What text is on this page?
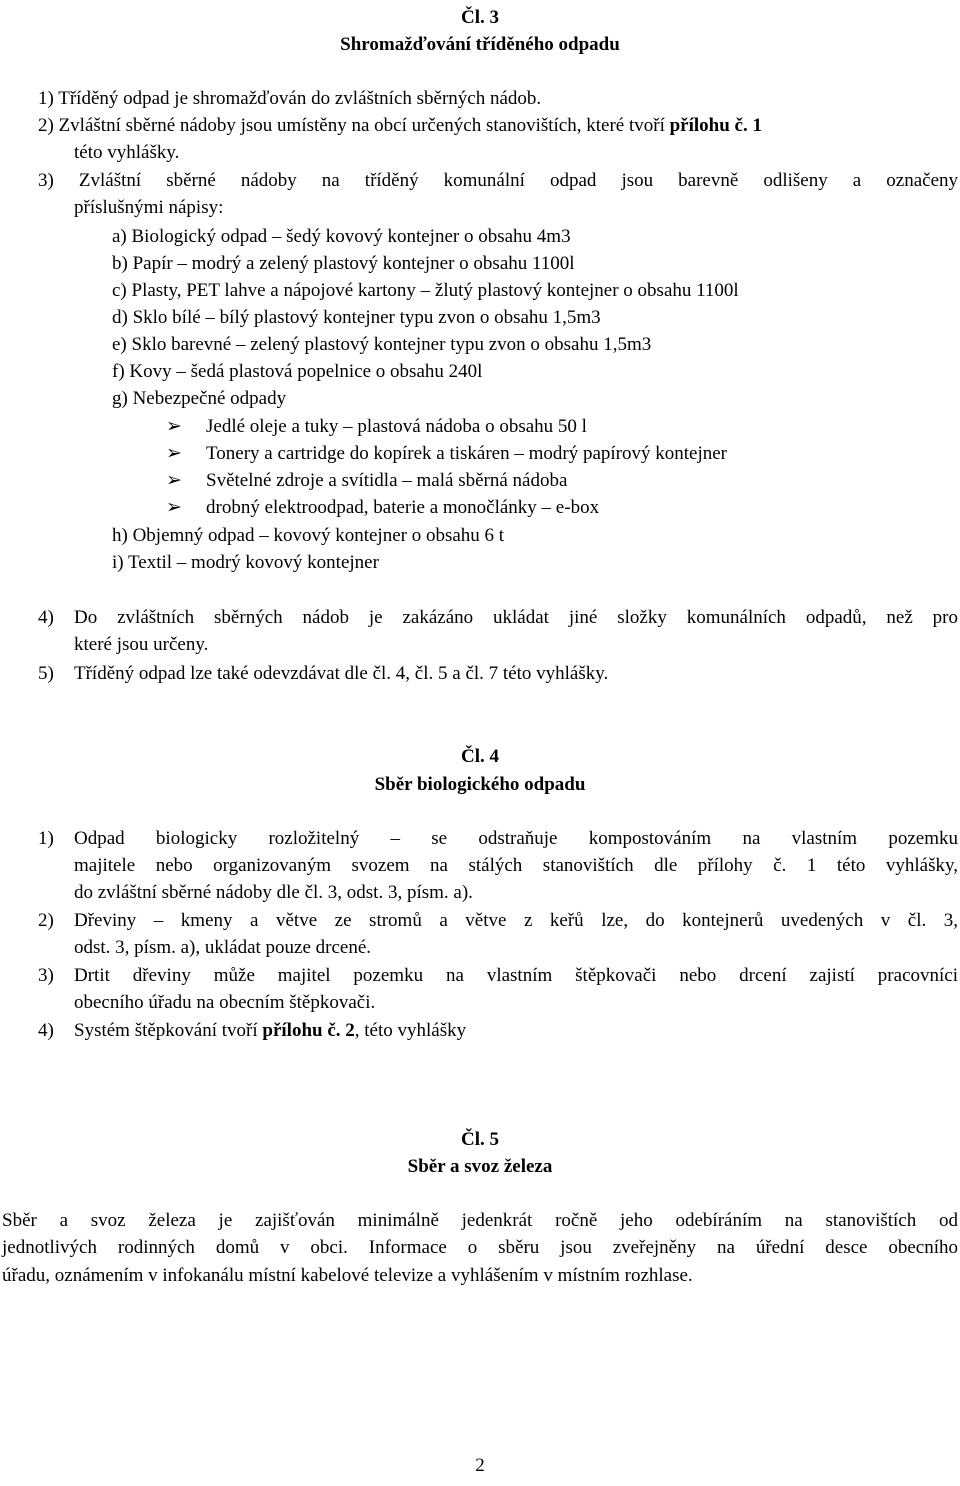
Čl. 3
Shromažďování tříděného odpadu
1) Tříděný odpad je shromažďován do zvláštních sběrných nádob.
2) Zvláštní sběrné nádoby jsou umístěny na obcí určených stanovištích, které tvoří přílohu č. 1
této vyhlášky.
3) Zvláštní sběrné nádoby na tříděný komunální odpad jsou barevně odlišeny a označeny
příslušnými nápisy:
a) Biologický odpad – šedý kovový kontejner o obsahu 4m3
b) Papír – modrý a zelený plastový kontejner o obsahu 1100l
c) Plasty, PET lahve a nápojové kartony – žlutý plastový kontejner o obsahu 1100l
d) Sklo bílé – bílý plastový kontejner typu zvon o obsahu 1,5m3
e) Sklo barevné – zelený plastový kontejner typu zvon o obsahu 1,5m3
f) Kovy – šedá plastová popelnice o obsahu 240l
g) Nebezpečné odpady
➢ Jedlé oleje a tuky – plastová nádoba o obsahu 50 l
➢ Tonery a cartridge do kopírek a tiskáren – modrý papírový kontejner
➢ Světelné zdroje a svítidla – malá sběrná nádoba
➢ drobný elektroodpad, baterie a monočlánky – e-box
h) Objemný odpad – kovový kontejner o obsahu 6 t
i) Textil – modrý kovový kontejner
4) Do zvláštních sběrných nádob je zakázáno ukládat jiné složky komunálních odpadů, než pro
které jsou určeny.
5) Tříděný odpad lze také odevzdávat dle čl. 4, čl. 5 a čl. 7 této vyhlášky.
Čl. 4
Sběr biologického odpadu
1) Odpad biologicky rozložitelný – se odstraňuje kompostováním na vlastním pozemku
majitele nebo organizovaným svozem na stálých stanovištích dle přílohy č. 1 této vyhlášky,
do zvláštní sběrné nádoby dle čl. 3, odst. 3, písm. a).
2) Dřeviny – kmeny a větve ze stromů a větve z keřů lze, do kontejnerů uvedených v čl. 3,
odst. 3, písm. a), ukládat pouze drcené.
3) Drtit dřeviny může majitel pozemku na vlastním štěpkovači nebo drcení zajistí pracovníci
obecního úřadu na obecním štěpkovači.
4) Systém štěpkování tvoří přílohu č. 2, této vyhlášky
Čl. 5
Sběr a svoz železa
Sběr a svoz železa je zajišťován minimálně jedenkrát ročně jeho odebíráním na stanovištích od
jednotlivých rodinných domů v obci. Informace o sběru jsou zveřejněny na úřední desce obecního
úřadu, oznámením v infokanálu místní kabelové televize a vyhlášením v místním rozhlase.
2
